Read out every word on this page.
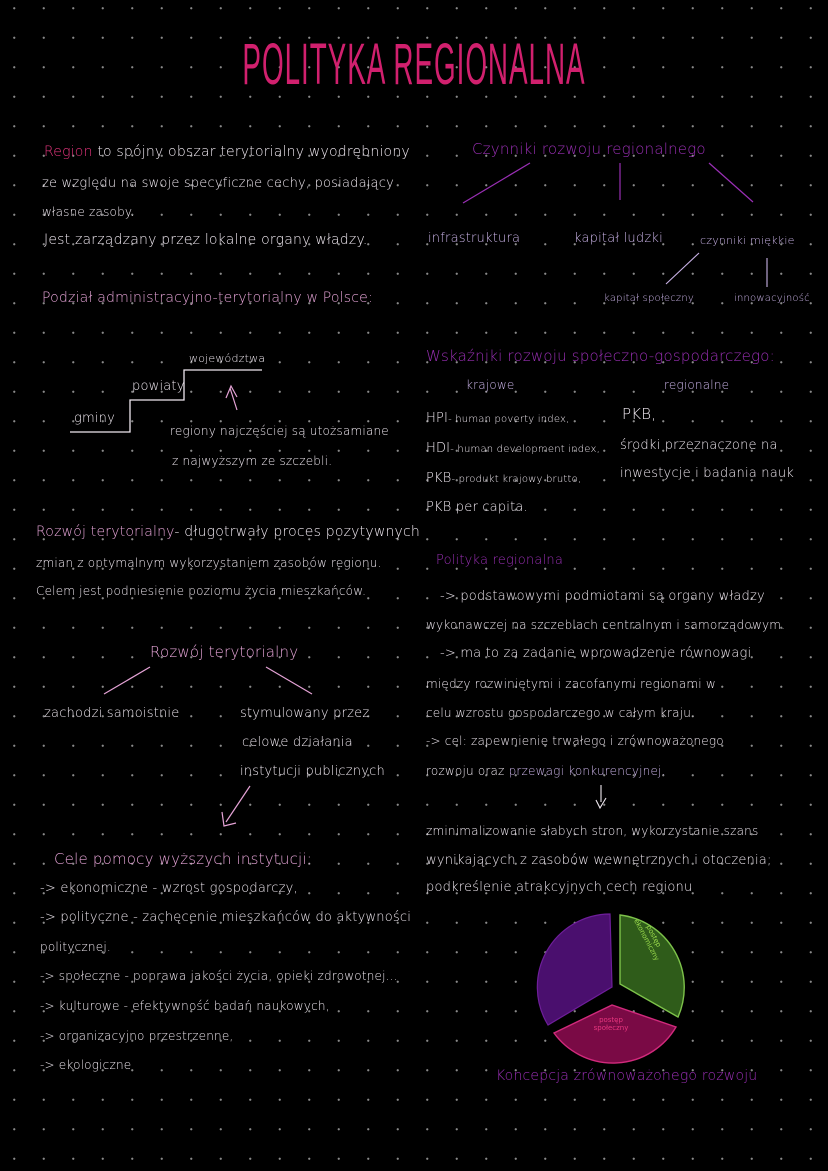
POLITYKA REGIONALNA
Region to spójny obszar terytorialny wyodrębniony
ze względu na swoje specyficzne cechy, posiadający
własne zasoby.
Jest zarządzany przez lokalne organy władzy.
Podział administracyjno-terytorialny w Polsce:
gminy
powiaty
województwa
regiony najczęściej są utożsamiane
z najwyższym ze szczebli.
Rozwój terytorialny- długotrwały proces pozytywnych
zmian z optymalnym wykorzystaniem zasobów regionu.
Celem jest podniesienie poziomu życia mieszkańców.
Rozwój terytorialny
zachodzi samoistnie	stymulowany przez
celowe działania
instytucji publicznych
Cele pomocy wyższych instytucji:
-> ekonomiczne - wzrost gospodarczy,
-> polityczne - zachęcenie mieszkańców do aktywności
politycznej.
-> społeczne - poprawa jakości życia, opieki zdrowotnej...
-> kulturowe - efektywność badań naukowych,
-> organizacyjno przestrzenne,
-> ekologiczne
Czynniki rozwoju regionalnego
infrastruktura	kapitał ludzki	czynniki miękkie
kapitał społeczny	innowacyjność
Wskaźniki rozwoju społeczno-gospodarczego:
krajowe	regionalne
HPI- human poverty index,
HDI- human development index,
PKB- produkt krajowy brutto,
PKB per capita.
PKB,
środki przeznaczone na
inwestycje i badania nauk
Polityka regionalna
-> podstawowymi podmiotami są organy władzy
wykonawczej na szczeblach centralnym i samorządowym.
-> ma to za zadanie wprowadzenie równowagi
między rozwiniętymi i zacofanymi regionami w
celu wzrostu gospodarczego w całym kraju.
-> cel: zapewnienie trwałego i zrównoważonego
rozwoju oraz przewagi konkurencyjnej.
zminimalizowanie słabych stron, wykorzystanie szans
wynikających z zasobów wewnętrznych i otoczenia;
podkreślenie atrakcyjnych cech regionu
postęp ekonomiczny
postęp społeczny
Koncepcja zrównoważonego rozwoju
